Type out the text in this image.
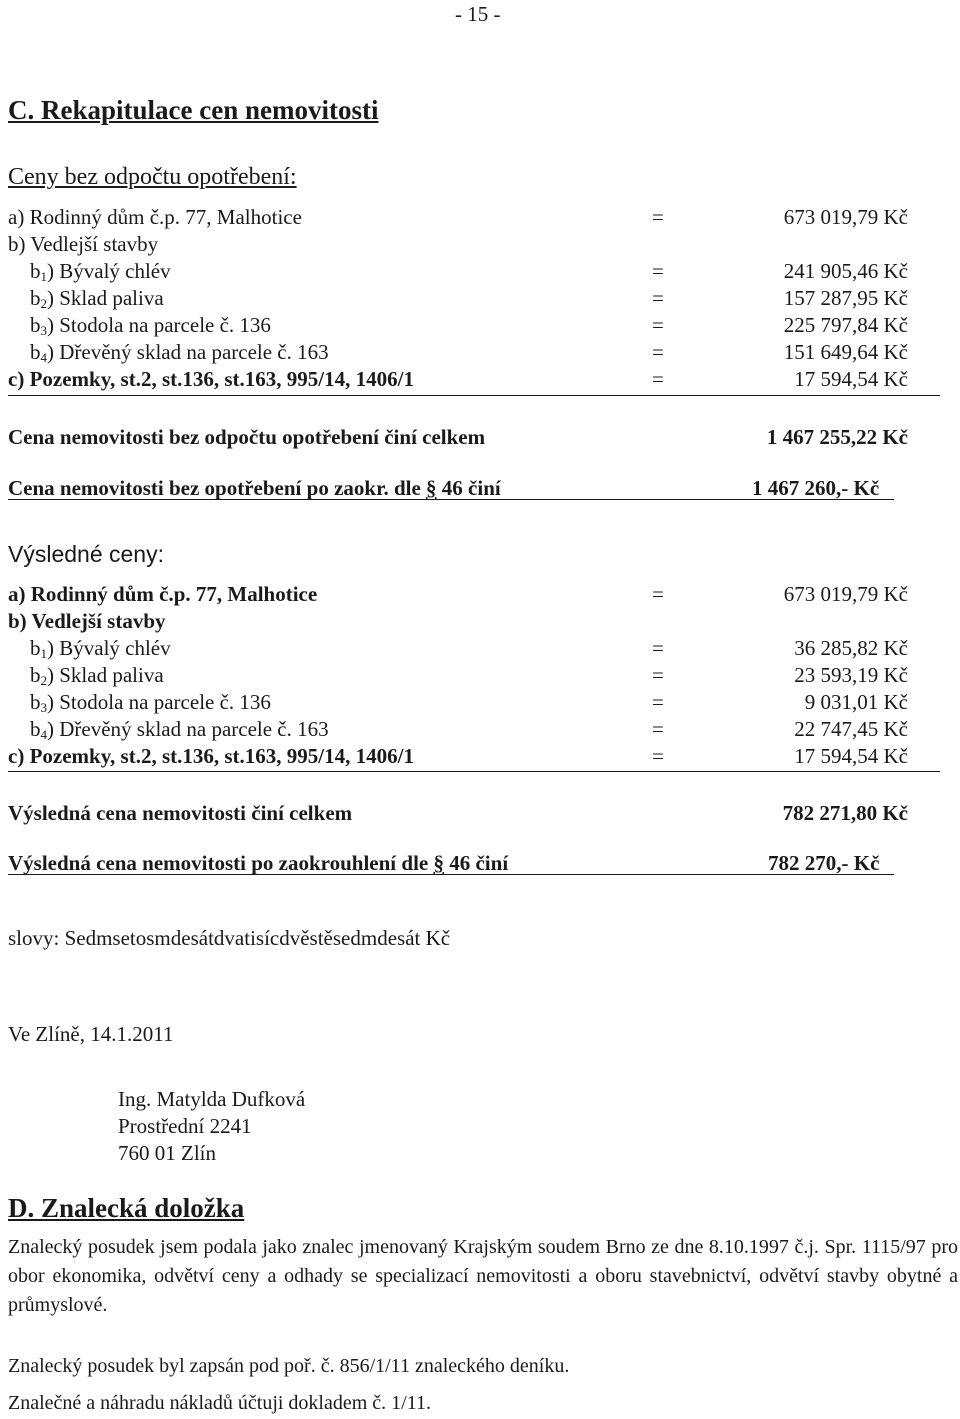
- 15 -
C. Rekapitulace cen nemovitosti
Ceny bez odpočtu opotřebení:
a) Rodinný dům č.p. 77, Malhotice	=	673 019,79 Kč
b) Vedlejší stavby
$b_1$) Bývalý chlév	=	241 905,46 Kč
$b_2$) Sklad paliva	=	157 287,95 Kč
$b_3$) Stodola na parcele č. 136	=	225 797,84 Kč
$b_4$) Dřevěný sklad na parcele č. 163	=	151 649,64 Kč
c) Pozemky, st.2, st.136, st.163, 995/14, 1406/1	=	17 594,54 Kč
Cena nemovitosti bez odpočtu opotřebení činí celkem	1 467 255,22 Kč
Cena nemovitosti bez opotřebení po zaokr. dle § 46 činí	1 467 260,- Kč
Výsledné ceny:
a) Rodinný dům č.p. 77, Malhotice	=	673 019,79 Kč
b) Vedlejší stavby
$b_1$) Bývalý chlév	=	36 285,82 Kč
$b_2$) Sklad paliva	=	23 593,19 Kč
$b_3$) Stodola na parcele č. 136	=	9 031,01 Kč
$b_4$) Dřevěný sklad na parcele č. 163	=	22 747,45 Kč
c) Pozemky, st.2, st.136, st.163, 995/14, 1406/1	=	17 594,54 Kč
Výsledná cena nemovitosti činí celkem	782 271,80 Kč
Výsledná cena nemovitosti po zaokrouhlení dle § 46 činí	782 270,- Kč
slovy: Sedmsetosmdesátdvatisícdvěstěsedmdesát Kč
Ve Zlíně, 14.1.2011
Ing. Matylda Dufková
Prostřední 2241
760 01 Zlín
D. Znalecká doložka
Znalecký posudek jsem podala jako znalec jmenovaný Krajským soudem Brno ze dne 8.10.1997 č.j. Spr. 1115/97 pro obor ekonomika, odvětví ceny a odhady se specializací nemovitosti a oboru stavebnictví, odvětví stavby obytné a průmyslové.
Znalecký posudek byl zapsán pod poř. č. 856/1/11 znaleckého deníku.
Znalečné a náhradu nákladů účtuji dokladem č. 1/11.
